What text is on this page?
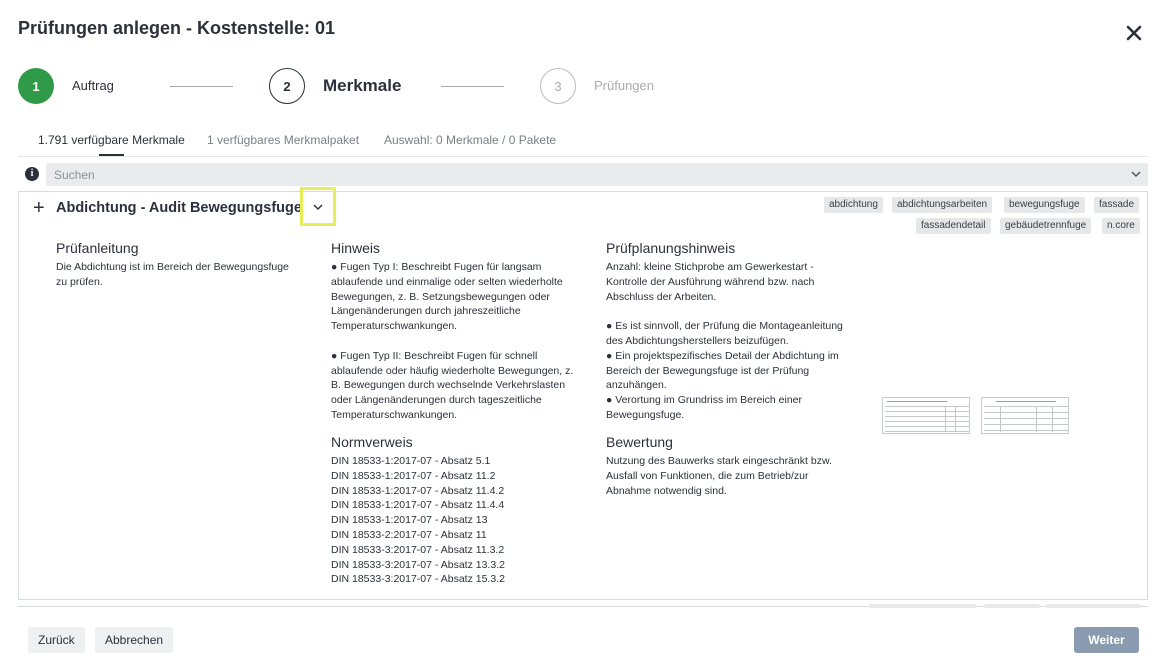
Prüfungen anlegen - Kostenstelle: 01
1	Auftrag	2	Merkmale	3	Prüfungen
1.791 verfügbare Merkmale 1 verfügbares Merkmalpaket Auswahl: 0 Merkmale / 0 Pakete
i
Suchen
+ Abdichtung - Audit Bewegungsfuge	abdichtung	abdichtungsarbeiten	bewegungsfuge	fassade
fassadendetail	gebäudetrennfuge	n.core
Prüfanleitung
Die Abdichtung ist im Bereich der Bewegungsfuge
zu prüfen.
Hinweis
● Fugen Typ I: Beschreibt Fugen für langsam
ablaufende und einmalige oder selten wiederholte
Bewegungen, z. B. Setzungsbewegungen oder
Längenänderungen durch jahreszeitliche
Temperaturschwankungen.
● Fugen Typ II: Beschreibt Fugen für schnell
ablaufende oder häufig wiederholte Bewegungen, z.
B. Bewegungen durch wechselnde Verkehrslasten
oder Längenänderungen durch tageszeitliche
Temperaturschwankungen.
Normverweis
DIN 18533-1:2017-07 - Absatz 5.1
DIN 18533-1:2017-07 - Absatz 11.2
DIN 18533-1:2017-07 - Absatz 11.4.2
DIN 18533-1:2017-07 - Absatz 11.4.4
DIN 18533-1:2017-07 - Absatz 13
DIN 18533-2:2017-07 - Absatz 11
DIN 18533-3:2017-07 - Absatz 11.3.2
DIN 18533-3:2017-07 - Absatz 13.3.2
DIN 18533-3:2017-07 - Absatz 15.3.2
Prüfplanungshinweis
Anzahl: kleine Stichprobe am Gewerkestart -
Kontrolle der Ausführung während bzw. nach
Abschluss der Arbeiten.
● Es ist sinnvoll, der Prüfung die Montageanleitung
des Abdichtungsherstellers beizufügen.
● Ein projektspezifisches Detail der Abdichtung im
Bereich der Bewegungsfuge ist der Prüfung
anzuhängen.
● Verortung im Grundriss im Bereich einer
Bewegungsfuge.
Bewertung
Nutzung des Bauwerks stark eingeschränkt bzw.
Ausfall von Funktionen, die zum Betrieb/zur
Abnahme notwendig sind.
Zurück	Abbrechen	Weiter
